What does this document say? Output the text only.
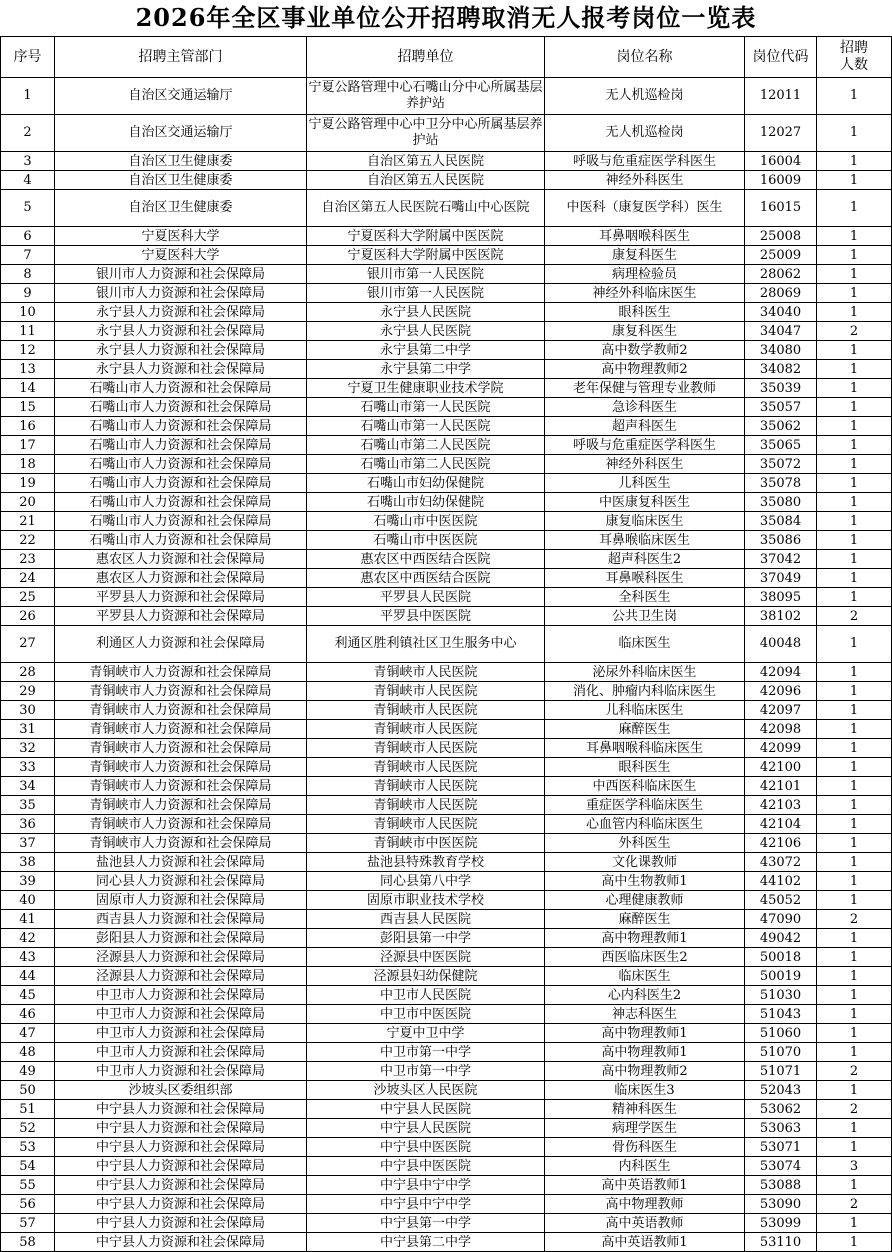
2026年全区事业单位公开招聘取消无人报考岗位一览表
序号	招聘主管部门	招聘单位	岗位名称	岗位代码	招聘
人数
1	自治区交通运输厅	宁夏公路管理中心石嘴山分中心所属基层养护站	无人机巡检岗	12011	1
2	自治区交通运输厅	宁夏公路管理中心中卫分中心所属基层养护站	无人机巡检岗	12027	1
3	自治区卫生健康委	自治区第五人民医院	呼吸与危重症医学科医生	16004	1
4	自治区卫生健康委	自治区第五人民医院	神经外科医生	16009	1
5	自治区卫生健康委	自治区第五人民医院石嘴山中心医院	中医科（康复医学科）医生	16015	1
6	宁夏医科大学	宁夏医科大学附属中医医院	耳鼻咽喉科医生	25008	1
7	宁夏医科大学	宁夏医科大学附属中医医院	康复科医生	25009	1
8	银川市人力资源和社会保障局	银川市第一人民医院	病理检验员	28062	1
9	银川市人力资源和社会保障局	银川市第一人民医院	神经外科临床医生	28069	1
10	永宁县人力资源和社会保障局	永宁县人民医院	眼科医生	34040	1
11	永宁县人力资源和社会保障局	永宁县人民医院	康复科医生	34047	2
12	永宁县人力资源和社会保障局	永宁县第二中学	高中数学教师2	34080	1
13	永宁县人力资源和社会保障局	永宁县第二中学	高中物理教师2	34082	1
14	石嘴山市人力资源和社会保障局	宁夏卫生健康职业技术学院	老年保健与管理专业教师	35039	1
15	石嘴山市人力资源和社会保障局	石嘴山市第一人民医院	急诊科医生	35057	1
16	石嘴山市人力资源和社会保障局	石嘴山市第一人民医院	超声科医生	35062	1
17	石嘴山市人力资源和社会保障局	石嘴山市第二人民医院	呼吸与危重症医学科医生	35065	1
18	石嘴山市人力资源和社会保障局	石嘴山市第二人民医院	神经外科医生	35072	1
19	石嘴山市人力资源和社会保障局	石嘴山市妇幼保健院	儿科医生	35078	1
20	石嘴山市人力资源和社会保障局	石嘴山市妇幼保健院	中医康复科医生	35080	1
21	石嘴山市人力资源和社会保障局	石嘴山市中医医院	康复临床医生	35084	1
22	石嘴山市人力资源和社会保障局	石嘴山市中医医院	耳鼻喉临床医生	35086	1
23	惠农区人力资源和社会保障局	惠农区中西医结合医院	超声科医生2	37042	1
24	惠农区人力资源和社会保障局	惠农区中西医结合医院	耳鼻喉科医生	37049	1
25	平罗县人力资源和社会保障局	平罗县人民医院	全科医生	38095	1
26	平罗县人力资源和社会保障局	平罗县中医医院	公共卫生岗	38102	2
27	利通区人力资源和社会保障局	利通区胜利镇社区卫生服务中心	临床医生	40048	1
28	青铜峡市人力资源和社会保障局	青铜峡市人民医院	泌尿外科临床医生	42094	1
29	青铜峡市人力资源和社会保障局	青铜峡市人民医院	消化、肿瘤内科临床医生	42096	1
30	青铜峡市人力资源和社会保障局	青铜峡市人民医院	儿科临床医生	42097	1
31	青铜峡市人力资源和社会保障局	青铜峡市人民医院	麻醉医生	42098	1
32	青铜峡市人力资源和社会保障局	青铜峡市人民医院	耳鼻咽喉科临床医生	42099	1
33	青铜峡市人力资源和社会保障局	青铜峡市人民医院	眼科医生	42100	1
34	青铜峡市人力资源和社会保障局	青铜峡市人民医院	中西医科临床医生	42101	1
35	青铜峡市人力资源和社会保障局	青铜峡市人民医院	重症医学科临床医生	42103	1
36	青铜峡市人力资源和社会保障局	青铜峡市人民医院	心血管内科临床医生	42104	1
37	青铜峡市人力资源和社会保障局	青铜峡市中医医院	外科医生	42106	1
38	盐池县人力资源和社会保障局	盐池县特殊教育学校	文化课教师	43072	1
39	同心县人力资源和社会保障局	同心县第八中学	高中生物教师1	44102	1
40	固原市人力资源和社会保障局	固原市职业技术学校	心理健康教师	45052	1
41	西吉县人力资源和社会保障局	西吉县人民医院	麻醉医生	47090	2
42	彭阳县人力资源和社会保障局	彭阳县第一中学	高中物理教师1	49042	1
43	泾源县人力资源和社会保障局	泾源县中医医院	西医临床医生2	50018	1
44	泾源县人力资源和社会保障局	泾源县妇幼保健院	临床医生	50019	1
45	中卫市人力资源和社会保障局	中卫市人民医院	心内科医生2	51030	1
46	中卫市人力资源和社会保障局	中卫市中医医院	神志科医生	51043	1
47	中卫市人力资源和社会保障局	宁夏中卫中学	高中物理教师1	51060	1
48	中卫市人力资源和社会保障局	中卫市第一中学	高中物理教师1	51070	1
49	中卫市人力资源和社会保障局	中卫市第一中学	高中物理教师2	51071	2
50	沙坡头区委组织部	沙坡头区人民医院	临床医生3	52043	1
51	中宁县人力资源和社会保障局	中宁县人民医院	精神科医生	53062	2
52	中宁县人力资源和社会保障局	中宁县人民医院	病理学医生	53063	1
53	中宁县人力资源和社会保障局	中宁县中医医院	骨伤科医生	53071	1
54	中宁县人力资源和社会保障局	中宁县中医医院	内科医生	53074	3
55	中宁县人力资源和社会保障局	中宁县中宁中学	高中英语教师1	53088	1
56	中宁县人力资源和社会保障局	中宁县中宁中学	高中物理教师	53090	2
57	中宁县人力资源和社会保障局	中宁县第一中学	高中英语教师	53099	1
58	中宁县人力资源和社会保障局	中宁县第二中学	高中英语教师1	53110	1
